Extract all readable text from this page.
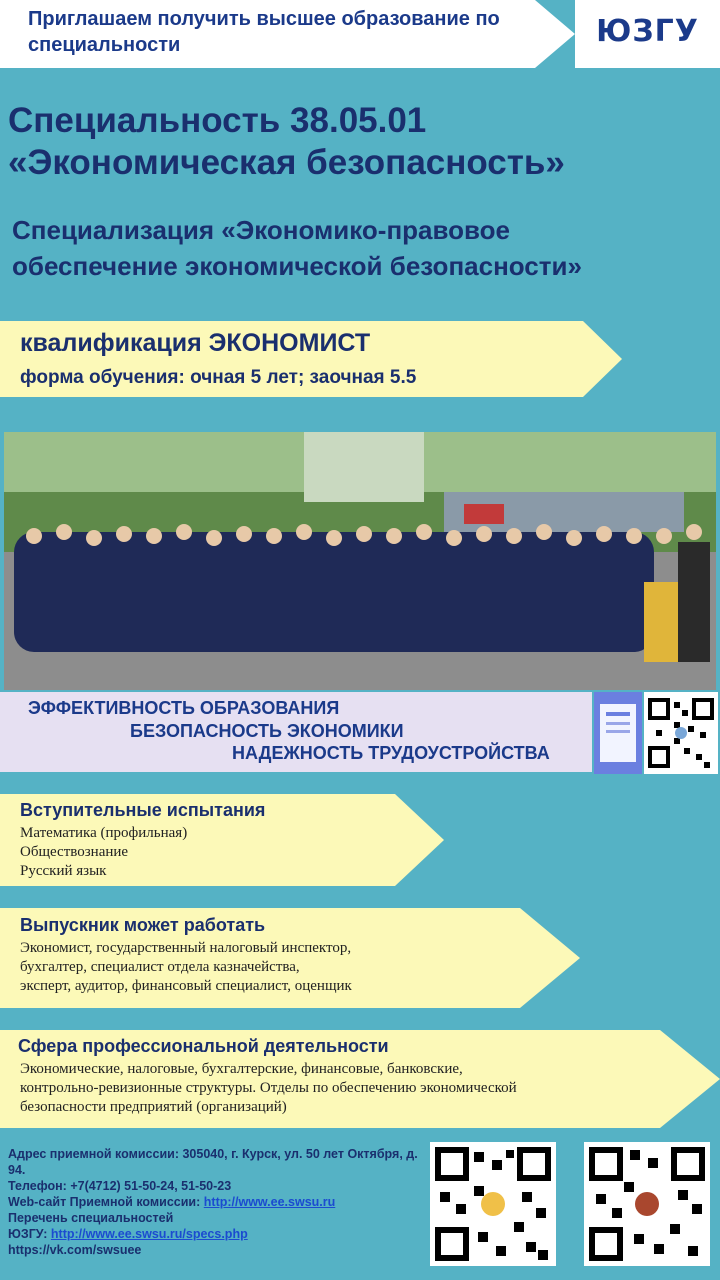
Приглашаем получить высшее образование по специальности	ЮЗГУ
Специальность 38.05.01
«Экономическая безопасность»
Специализация «Экономико-правовое
обеспечение экономической безопасности»
квалификация ЭКОНОМИСТ
форма обучения: очная 5 лет; заочная 5.5
ЭФФЕКТИВНОСТЬ ОБРАЗОВАНИЯ
БЕЗОПАСНОСТЬ ЭКОНОМИКИ
НАДЕЖНОСТЬ ТРУДОУСТРОЙСТВА
Вступительные испытания
Математика (профильная)
Обществознание
Русский язык
Выпускник может работать
Экономист, государственный налоговый инспектор,
бухгалтер, специалист отдела казначейства,
эксперт, аудитор, финансовый специалист, оценщик
Сфера профессиональной деятельности
Экономические, налоговые, бухгалтерские, финансовые, банковские,
контрольно-ревизионные структуры. Отделы по обеспечению экономической
безопасности предприятий (организаций)
Адрес приемной комиссии: 305040, г. Курск, ул. 50 лет Октября, д. 94.
Телефон: +7(4712) 51-50-24, 51-50-23
Web-сайт Приемной комиссии: http://www.ee.swsu.ru
Перечень специальностей
ЮЗГУ: http://www.ee.swsu.ru/specs.php
https://vk.com/swsuee
